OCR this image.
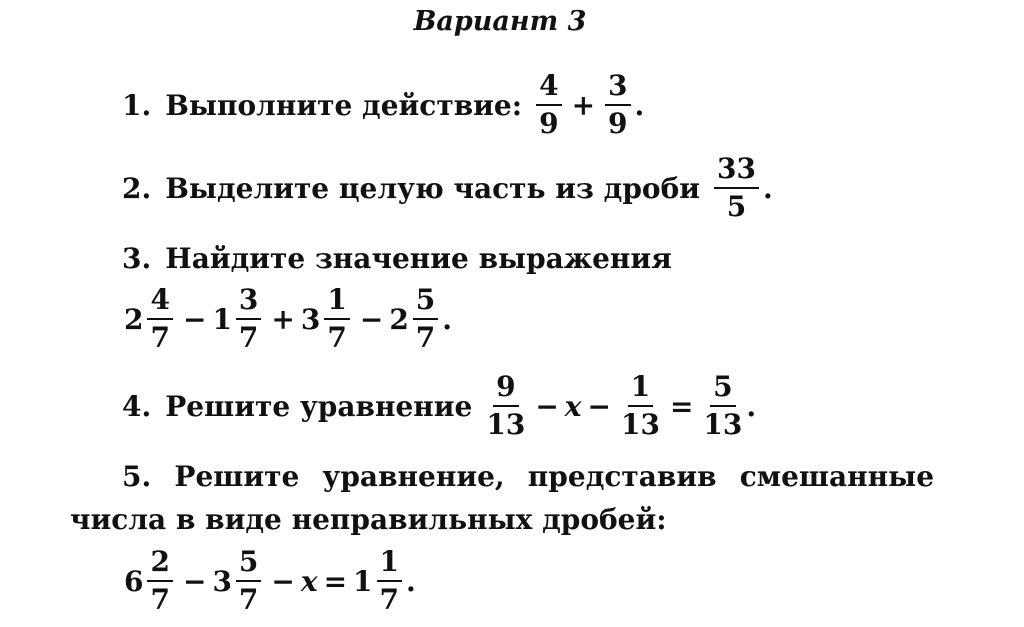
Вариант 3
1. Выполните действие: $\frac{4}{9} + \frac{3}{9}$ .
2. Выделите целую часть из дроби $\frac{33}{5}$ .
3. Найдите значение выражения
$2 \frac{4}{7} - 1 \frac{3}{7} + 3 \frac{1}{7} - 2 \frac{5}{7}$ .
4. Решите уравнение $\frac{9}{13} - x - \frac{1}{13} = \frac{5}{13}$ .
5. Решите уравнение, представив смешанные
числа в виде неправильных дробей:
$6 \frac{2}{7} - 3 \frac{5}{7} - x = 1 \frac{1}{7}$ .
